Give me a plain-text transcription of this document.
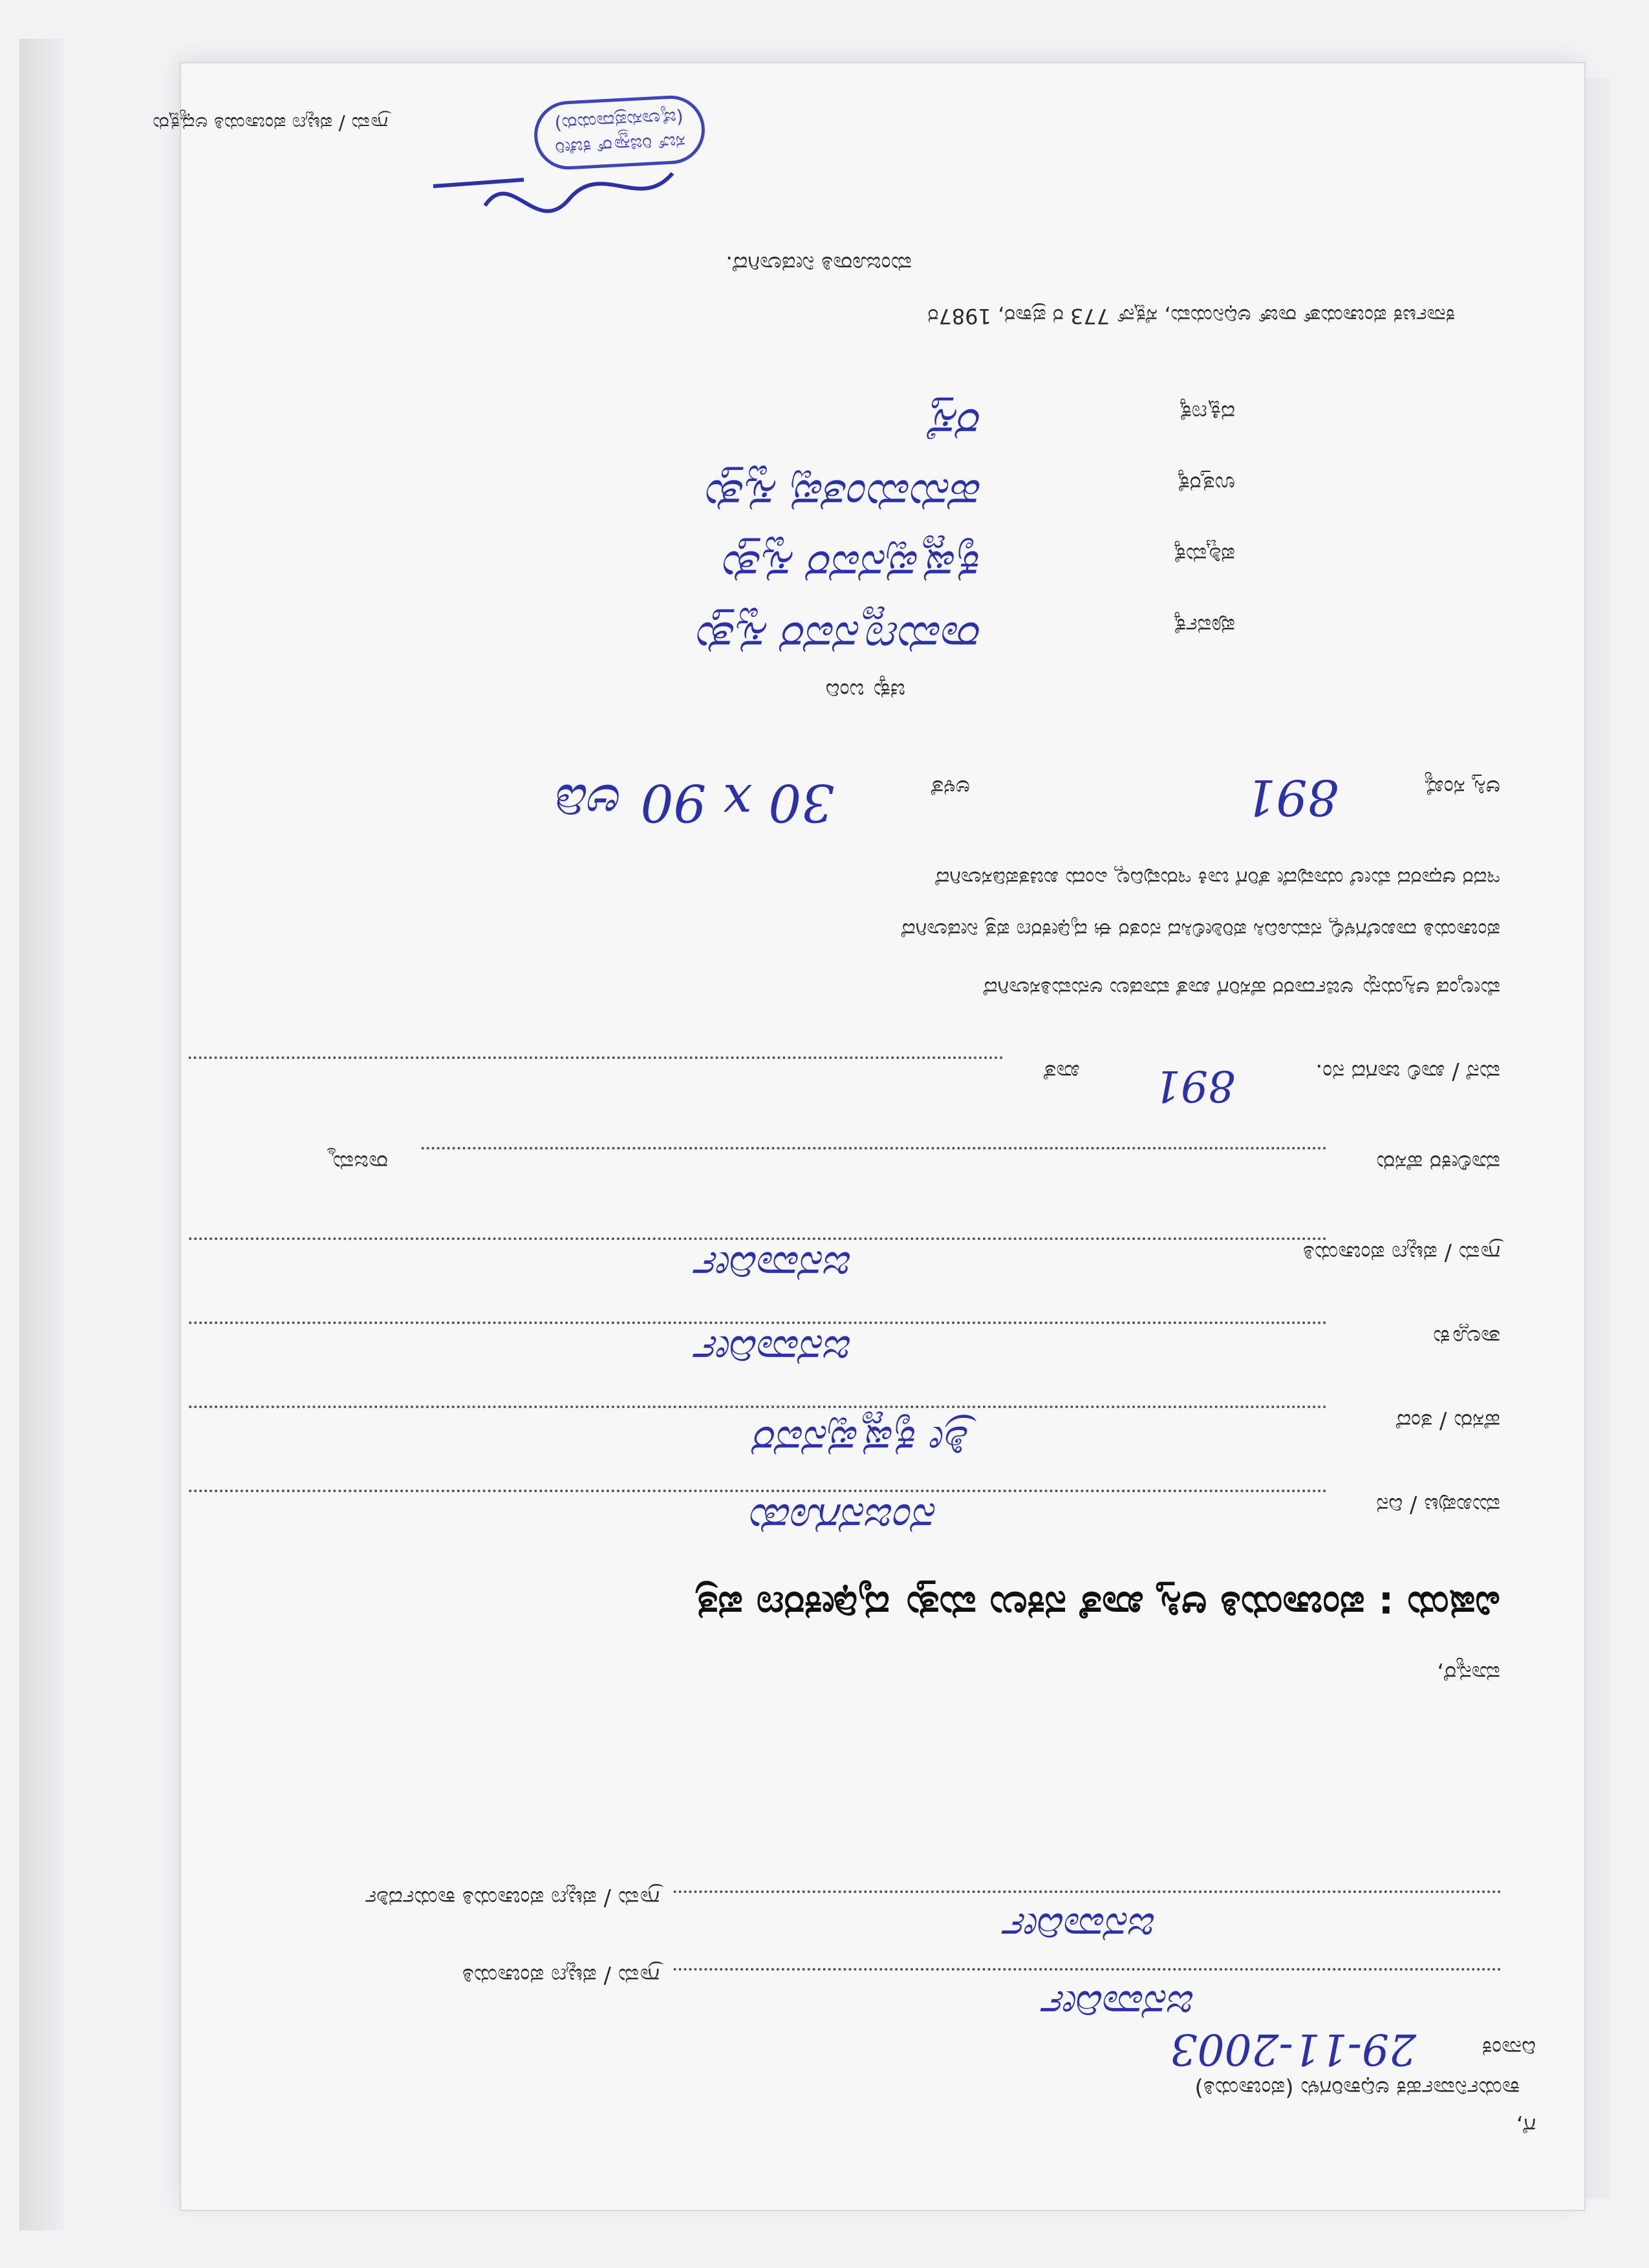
ಗೆ,
ಕಾರ್ಯನಿರ್ವಾಹಕ ಅಧಿಕಾರಿಗಳು (ಪಂಚಾಯತಿ)
ದಿನಾಂಕ
29-11-2003
ಗ್ರಾಮ / ಪಟ್ಟಣ ಪಂಚಾಯತಿ
ಜನವಾರ್ದೀ
ಗ್ರಾಮ / ಪಟ್ಟಣ ಪಂಚಾಯತಿ ಕಾರ್ಯದರ್ಶಿ
ಜನವಾರ್ದೀ
ಮಾನ್ಯರೆ,
ವಿಷಯ : ಪಂಚಾಯತಿ ಆಸ್ತಿ ಖಾತೆ ನಕಲು ಮತ್ತು ದೃಢೀಕರಣ ಪತ್ರ
ಮುಖಪುಟ / ದಿನ
ನಂಜನಗೂಡು
ಹೆಸರು / ತಂದೆ
ಶ್ರೀ ಕೃಷ್ಣಪ್ಪನವರ
ತಾಲ್ಲೂಕು
ಜನವಾರ್ದೀ
ಗ್ರಾಮ / ಪಟ್ಟಣ ಪಂಚಾಯತಿ
ಜನವಾರ್ದೀ
ಮಾಲೀಕರ ಹೆಸರು
ರಾಜಮ್ಮ
ಮನೆ / ಖಾಲಿ ಜಾಗದ ನಂ.
891
ಖಾತೆ
ಮೇಲ್ಕಂಡ ಆಸ್ತಿಯನ್ನು ಅರ್ಜಿದಾರರ ಹೆಸರಿಗೆ ಖಾತೆ ಮಾಡಲು ಅನುಮತಿಸಲಾಗಿದೆ
ಪಂಚಾಯತಿ ದಾಖಲೆಗಳಲ್ಲಿ ನಮೂದಿಸಿ ಪರಿಶೀಲಿಸಿದ ನಂತರ ಈ ದೃಢೀಕರಣ ಪತ್ರ ನೀಡಲಾಗಿದೆ
ಇದರ ಆಧಾರದ ಮೇಲೆ ಯಾವುದೇ ತೆರಿಗೆ ಬಾಕಿ ಇರುವುದಿಲ್ಲ ಎಂದು ಖಚಿತಪಡಿಸಲಾಗಿದೆ
ಆಸ್ತಿ ಸಂಖ್ಯೆ
891
ಅಳತೆ
30 x 90 ಅಡಿ
ಚಕ್ಕು ಬಂದಿ
ಪೂರ್ವಕ್ಕೆ
ರಾಮಣ್ಣನವರ ಸ್ವತ್ತು
ಪಶ್ಚಿಮಕ್ಕೆ
ಕೃಷ್ಣಪ್ಪನವರ ಸ್ವತ್ತು
ಉತ್ತರಕ್ಕೆ
ಹನುಮಂತಪ್ಪ ಸ್ವತ್ತು
ದಕ್ಷಿಣಕ್ಕೆ
ರಸ್ತೆ
ಕರ್ನಾಟಕ ಪಂಚಾಯತ್ ರಾಜ್ ಅಧಿನಿಯಮ, ಸೆಕ್ಷನ್ 773 ರ ಪ್ರಕಾರ, 1987ರ
ಮಂಜೂರಾತಿ ನೀಡಲಾಗಿದೆ.
ಸಬ್ ರಿಜಿಸ್ಟ್ರಾರ್ ಕಚೇರಿ
(ಜೈಲಾಸುಪ್ರದಾಯರು)
ಗ್ರಾಮ / ಪಟ್ಟಣ ಪಂಚಾಯತಿ ಅಧ್ಯಕ್ಷರು
